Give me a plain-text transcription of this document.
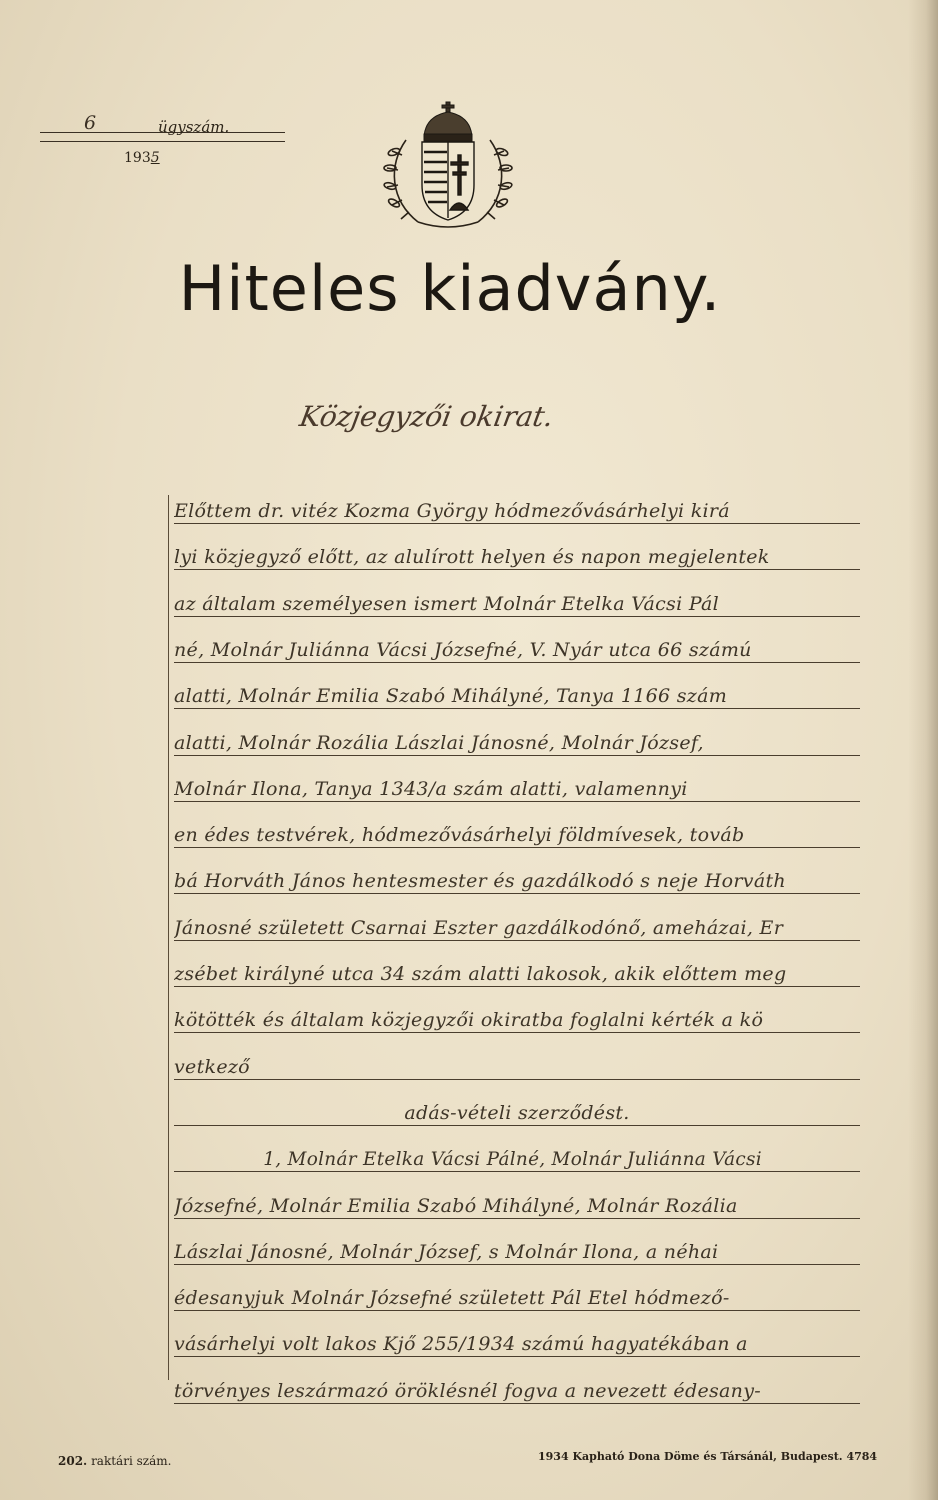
6	ügyszám.
1935
Hiteles kiadvány.
Közjegyzői okirat.
Előttem dr. vitéz Kozma György hódmezővásárhelyi kirá
lyi közjegyző előtt, az alulírott helyen és napon megjelentek
az általam személyesen ismert Molnár Etelka Vácsi Pál
né, Molnár Juliánna Vácsi Józsefné, V. Nyár utca 66 számú
alatti, Molnár Emilia Szabó Mihályné, Tanya 1166 szám
alatti, Molnár Rozália Lászlai Jánosné, Molnár József,
Molnár Ilona, Tanya 1343/a szám alatti, valamennyi
en édes testvérek, hódmezővásárhelyi földmívesek, továb
bá Horváth János hentesmester és gazdálkodó s neje Horváth
Jánosné született Csarnai Eszter gazdálkodónő, ameházai, Er
zsébet királyné utca 34 szám alatti lakosok, akik előttem meg
kötötték és általam közjegyzői okiratba foglalni kérték a kö
vetkező
adás-vételi szerződést.
1, Molnár Etelka Vácsi Pálné, Molnár Juliánna Vácsi
Józsefné, Molnár Emilia Szabó Mihályné, Molnár Rozália
Lászlai Jánosné, Molnár József, s Molnár Ilona, a néhai
édesanyjuk Molnár Józsefné született Pál Etel hódmező-
vásárhelyi volt lakos Kjő 255/1934 számú hagyatékában a
törvényes leszármazó öröklésnél fogva a nevezett édesany-
202. raktári szám.	1934 Kapható Dona Döme és Társánál, Budapest. 4784
